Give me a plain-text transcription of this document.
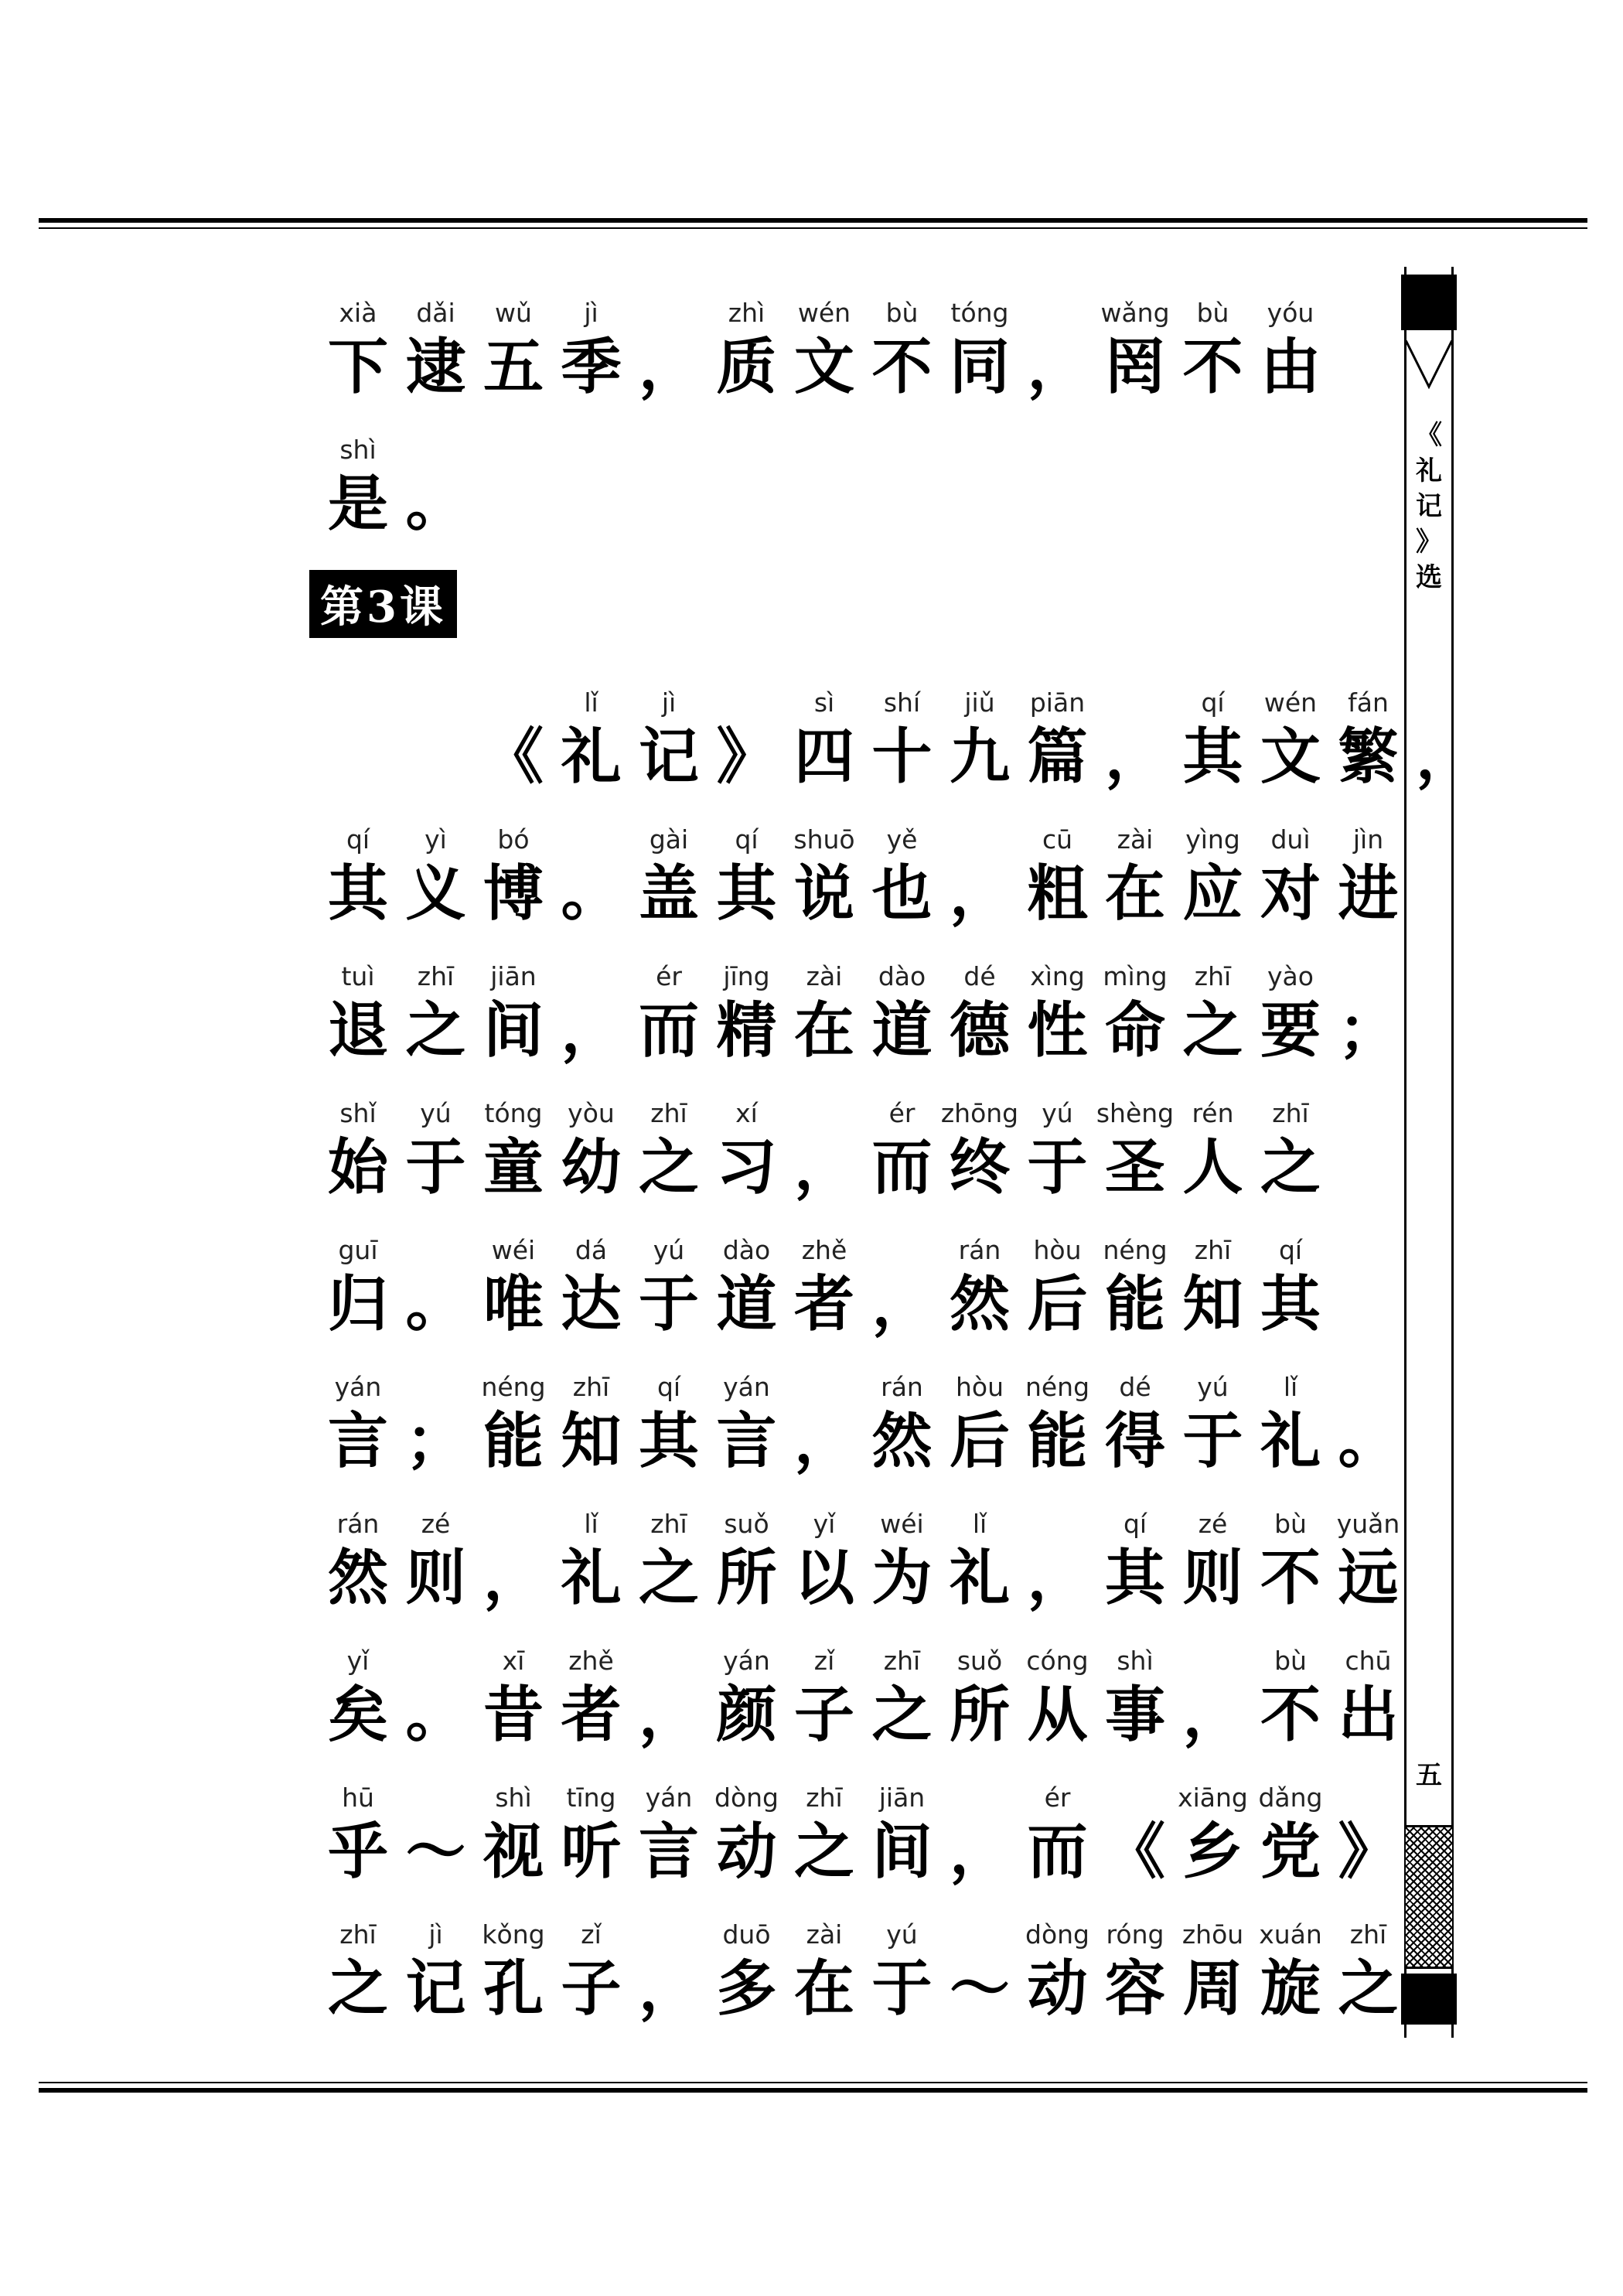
《
礼
记
》
选
五
xià
下
dǎi
逮
wǔ
五
jì
季 ，
zhì
质
wén
文
bù
不
tóng
同 ，
wǎng
罔
bù
不
yóu
由
shì
是 。
第3课
《
lǐ
礼
jì
记 》
sì
四
shí
十
jiǔ
九
piān
篇 ，
qí
其
wén
文
fán
繁 ，
qí
其
yì
义
bó
博 。
gài
盖
qí
其
shuō
说
yě
也 ，
cū
粗
zài
在
yìng
应
duì
对
jìn
进
tuì
退
zhī
之
jiān
间 ，
ér
而
jīng
精
zài
在
dào
道
dé
德
xìng
性
mìng
命
zhī
之
yào
要 ；
shǐ
始
yú
于
tóng
童
yòu
幼
zhī
之
xí
习 ，
ér
而
zhōng
终
yú
于
shèng
圣
rén
人
zhī
之
guī
归 。
wéi
唯
dá
达
yú
于
dào
道
zhě
者 ，
rán
然
hòu
后
néng
能
zhī
知
qí
其
yán
言 ；
néng
能
zhī
知
qí
其
yán
言 ，
rán
然
hòu
后
néng
能
dé
得
yú
于
lǐ
礼 。
rán
然
zé
则 ，
lǐ
礼
zhī
之
suǒ
所
yǐ
以
wéi
为
lǐ
礼 ，
qí
其
zé
则
bù
不
yuǎn
远
yǐ
矣 。
xī
昔
zhě
者 ，
yán
颜
zǐ
子
zhī
之
suǒ
所
cóng
从
shì
事 ，
bù
不
chū
出
hū
乎 ～
shì
视
tīng
听
yán
言
dòng
动
zhī
之
jiān
间 ，
ér
而 《
xiāng
乡
dǎng
党 》
zhī
之
jì
记
kǒng
孔
zǐ
子 ，
duō
多
zài
在
yú
于 ～
dòng
动
róng
容
zhōu
周
xuán
旋
zhī
之
